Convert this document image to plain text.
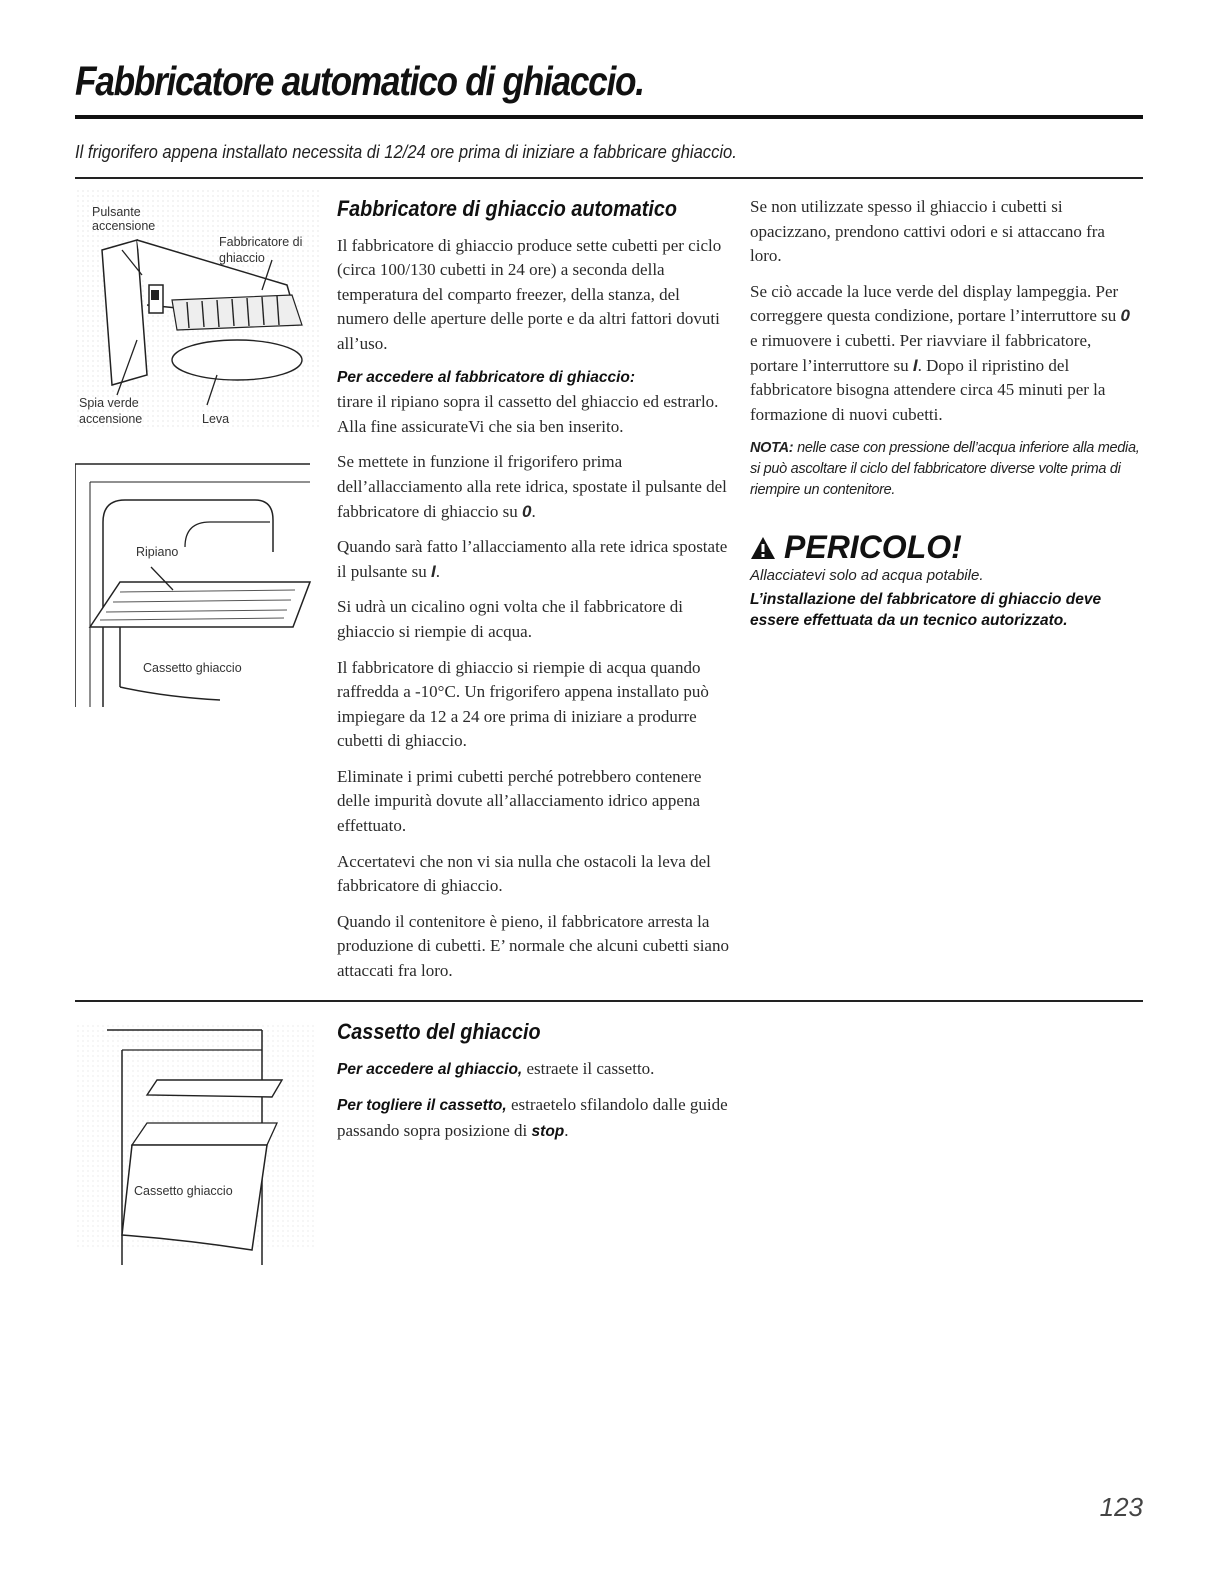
Fabbricatore automatico di ghiaccio.
Il frigorifero appena installato necessita di 12/24 ore prima di iniziare a fabbricare ghiaccio.
Pulsante
accensione
Fabbricatore di
ghiaccio
Spia verde
accensione	Leva
Ripiano
Cassetto ghiaccio
Fabbricatore di ghiaccio automatico

Il fabbricatore di ghiaccio produce sette cubetti per ciclo (circa 100/130 cubetti in 24 ore) a seconda della temperatura del comparto freezer, della stanza, del numero delle aperture delle porte e da altri fattori dovuti all’uso.

Per accedere al fabbricatore di ghiaccio:
tirare il ripiano sopra il cassetto del ghiaccio ed estrarlo. Alla fine assicurateVi che sia ben inserito.

Se mettete in funzione il frigorifero prima dell’allacciamento alla rete idrica, spostate il pulsante del fabbricatore di ghiaccio su 0.

Quando sarà fatto l’allacciamento alla rete idrica spostate il pulsante su I.

Si udrà un cicalino ogni volta che il fabbricatore di ghiaccio si riempie di acqua.

Il fabbricatore di ghiaccio si riempie di acqua quando raffredda a -10°C. Un frigorifero appena installato può impiegare da 12 a 24 ore prima di iniziare a produrre cubetti di ghiaccio.

Eliminate i primi cubetti perché potrebbero contenere delle impurità dovute all’allacciamento idrico appena effettuato.

Accertatevi che non vi sia nulla che ostacoli la leva del fabbricatore di ghiaccio.

Quando il contenitore è pieno, il fabbricatore arresta la produzione di cubetti. E’ normale che alcuni cubetti siano attaccati fra loro.

Se non utilizzate spesso il ghiaccio i cubetti si opacizzano, prendono cattivi odori e si attaccano fra loro.

Se ciò accade la luce verde del display lampeggia. Per correggere questa condizione, portare l’interruttore su 0 e rimuovere i cubetti. Per riavviare il fabbricatore, portare l’interruttore su I. Dopo il ripristino del fabbricatore bisogna attendere circa 45 minuti per la formazione di nuovi cubetti.

NOTA: nelle case con pressione dell’acqua inferiore alla media, si può ascoltare il ciclo del fabbricatore diverse volte prima di riempire un contenitore.

PERICOLO!
Allacciatevi solo ad acqua potabile.
L’installazione del fabbricatore di ghiaccio deve essere effettuata da un tecnico autorizzato.
Cassetto ghiaccio
Cassetto del ghiaccio

Per accedere al ghiaccio, estraete il cassetto.

Per togliere il cassetto, estraetelo sfilandolo dalle guide passando sopra posizione di stop.

123
